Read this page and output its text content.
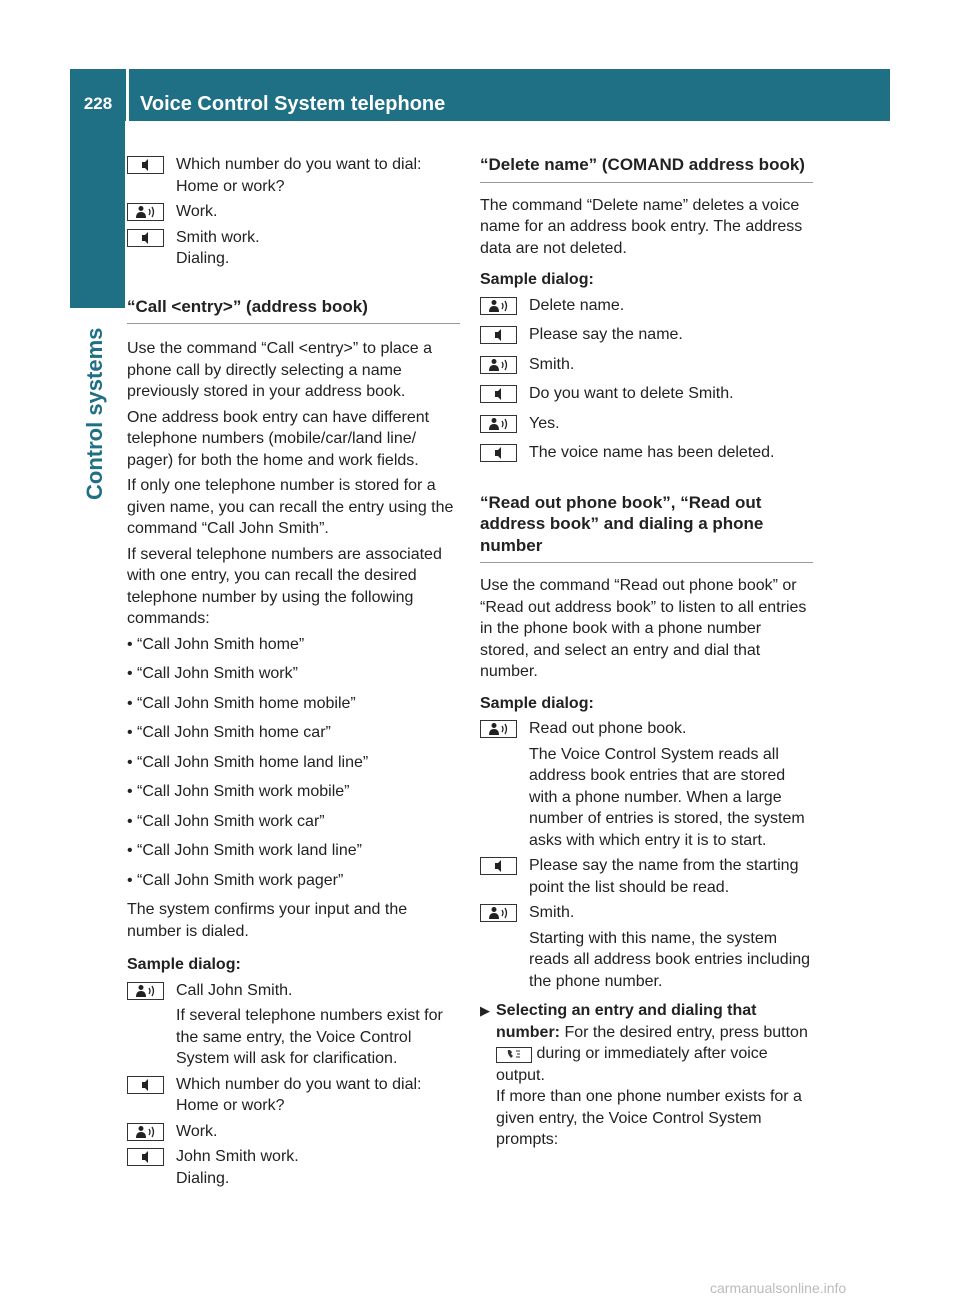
228	Voice Control System telephone
Control systems
Which number do you want to dial:
Home or work?
Work.
Smith work.
Dialing.
“Call <entry>” (address book)

Use the command “Call <entry>” to place a phone call by directly selecting a name previously stored in your address book.

One address book entry can have different telephone numbers (mobile/car/land line/ pager) for both the home and work fields.

If only one telephone number is stored for a given name, you can recall the entry using the command “Call John Smith”.

If several telephone numbers are associated with one entry, you can recall the desired telephone number by using the following commands:

• “Call John Smith home”

• “Call John Smith work”

• “Call John Smith home mobile”

• “Call John Smith home car”

• “Call John Smith home land line”

• “Call John Smith work mobile”

• “Call John Smith work car”

• “Call John Smith work land line”

• “Call John Smith work pager”

The system confirms your input and the number is dialed.

Sample dialog:

Call John Smith.
If several telephone numbers exist for the same entry, the Voice Control System will ask for clarification.
Which number do you want to dial:
Home or work?
Work.
John Smith work.
Dialing.
“Delete name” (COMAND address book)

The command “Delete name” deletes a voice name for an address book entry. The address data are not deleted.

Sample dialog:

Delete name.
Please say the name.
Smith.
Do you want to delete Smith.
Yes.
The voice name has been deleted.
“Read out phone book”, “Read out address book” and dialing a phone number

Use the command “Read out phone book” or “Read out address book” to listen to all entries in the phone book with a phone number stored, and select an entry and dial that number.

Sample dialog:

Read out phone book.
The Voice Control System reads all address book entries that are stored with a phone number. When a large number of entries is stored, the system asks with which entry it is to start.
Please say the name from the starting point the list should be read.
Smith.
Starting with this name, the system reads all address book entries including the phone number.
▶ Selecting an entry and dialing that number: For the desired entry, press button  during or immediately after voice output.
If more than one phone number exists for a given entry, the Voice Control System prompts:
carmanualsonline.info
